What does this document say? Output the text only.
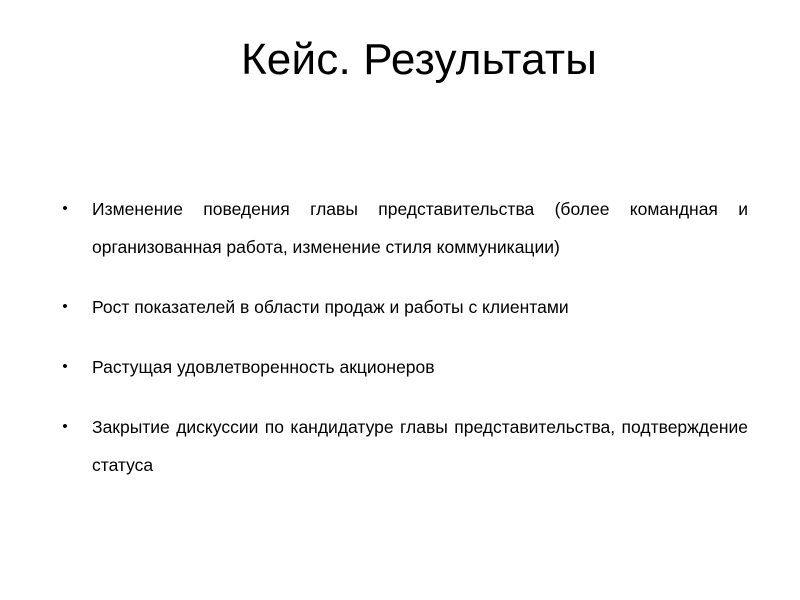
Кейс. Результаты
• Изменение поведения главы представительства (более командная и организованная работа, изменение стиля коммуникации)
• Рост показателей в области продаж и работы с клиентами
• Растущая удовлетворенность акционеров
• Закрытие дискуссии по кандидатуре главы представительства, подтверждение статуса
